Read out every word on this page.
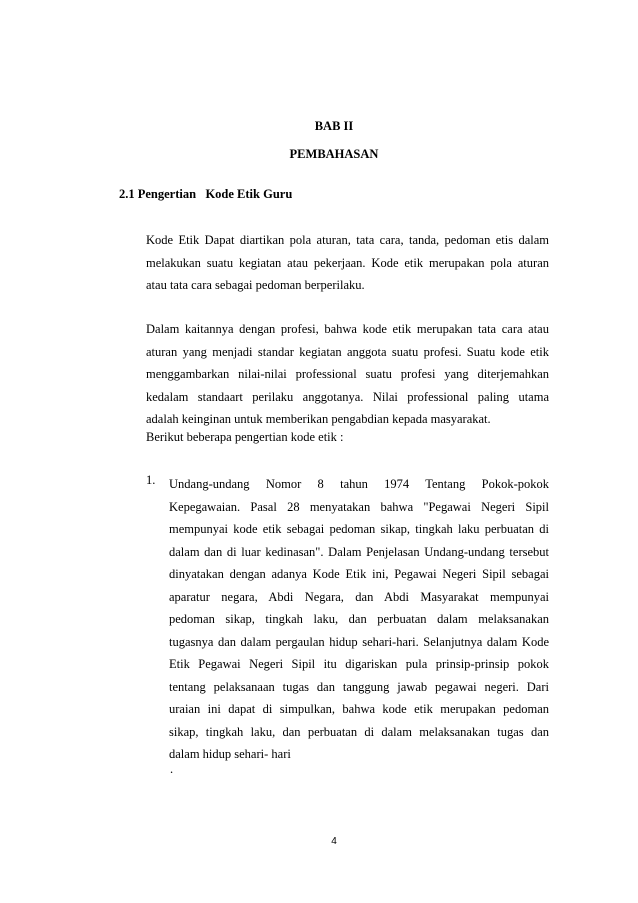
BAB II
PEMBAHASAN
2.1 Pengertian   Kode Etik Guru
Kode Etik Dapat diartikan pola aturan, tata cara, tanda, pedoman etis dalam
melakukan suatu kegiatan atau pekerjaan. Kode etik merupakan pola aturan
atau tata cara sebagai pedoman berperilaku.
Dalam kaitannya dengan profesi, bahwa kode etik merupakan tata cara atau
aturan yang menjadi standar kegiatan anggota suatu profesi. Suatu kode etik
menggambarkan nilai-nilai professional suatu profesi yang diterjemahkan
kedalam standaart perilaku anggotanya. Nilai professional paling utama
adalah keinginan untuk memberikan pengabdian kepada masyarakat.
Berikut beberapa pengertian kode etik :
1. Undang-undang Nomor 8 tahun 1974 Tentang Pokok-pokok
Kepegawaian. Pasal 28 menyatakan bahwa "Pegawai Negeri Sipil
mempunyai kode etik sebagai pedoman sikap, tingkah laku perbuatan di
dalam dan di luar kedinasan". Dalam Penjelasan Undang-undang tersebut
dinyatakan dengan adanya Kode Etik ini, Pegawai Negeri Sipil sebagai
aparatur negara, Abdi Negara, dan Abdi Masyarakat mempunyai
pedoman sikap, tingkah laku, dan perbuatan dalam melaksanakan
tugasnya dan dalam pergaulan hidup sehari-hari. Selanjutnya dalam Kode
Etik Pegawai Negeri Sipil itu digariskan pula prinsip-prinsip pokok
tentang pelaksanaan tugas dan tanggung jawab pegawai negeri. Dari
uraian ini dapat di simpulkan, bahwa kode etik merupakan pedoman
sikap, tingkah laku, dan perbuatan di dalam melaksanakan tugas dan
dalam hidup sehari- hari
.
4
